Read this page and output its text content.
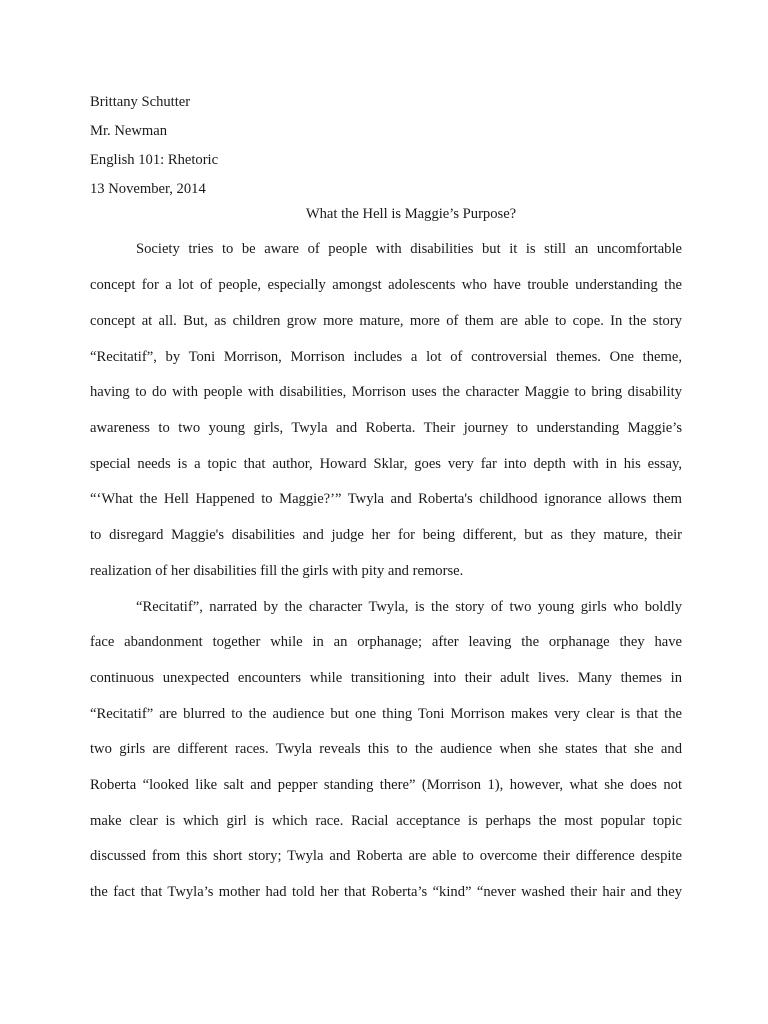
Brittany Schutter

Mr. Newman

English 101: Rhetoric

13 November, 2014

What the Hell is Maggie’s Purpose?

Society tries to be aware of people with disabilities but it is still an uncomfortable

concept for a lot of people, especially amongst adolescents who have trouble understanding the

concept at all. But, as children grow more mature, more of them are able to cope. In the story

“Recitatif”, by Toni Morrison, Morrison includes a lot of controversial themes. One theme,

having to do with people with disabilities, Morrison uses the character Maggie to bring disability

awareness to two young girls, Twyla and Roberta. Their journey to understanding Maggie’s

special needs is a topic that author, Howard Sklar, goes very far into depth with in his essay,

“‘What the Hell Happened to Maggie?’” Twyla and Roberta's childhood ignorance allows them

to disregard Maggie's disabilities and judge her for being different, but as they mature, their

realization of her disabilities fill the girls with pity and remorse.

“Recitatif”, narrated by the character Twyla, is the story of two young girls who boldly

face abandonment together while in an orphanage; after leaving the orphanage they have

continuous unexpected encounters while transitioning into their adult lives. Many themes in

“Recitatif” are blurred to the audience but one thing Toni Morrison makes very clear is that the

two girls are different races. Twyla reveals this to the audience when she states that she and

Roberta “looked like salt and pepper standing there” (Morrison 1), however, what she does not

make clear is which girl is which race. Racial acceptance is perhaps the most popular topic

discussed from this short story; Twyla and Roberta are able to overcome their difference despite

the fact that Twyla’s mother had told her that Roberta’s “kind” “never washed their hair and they
